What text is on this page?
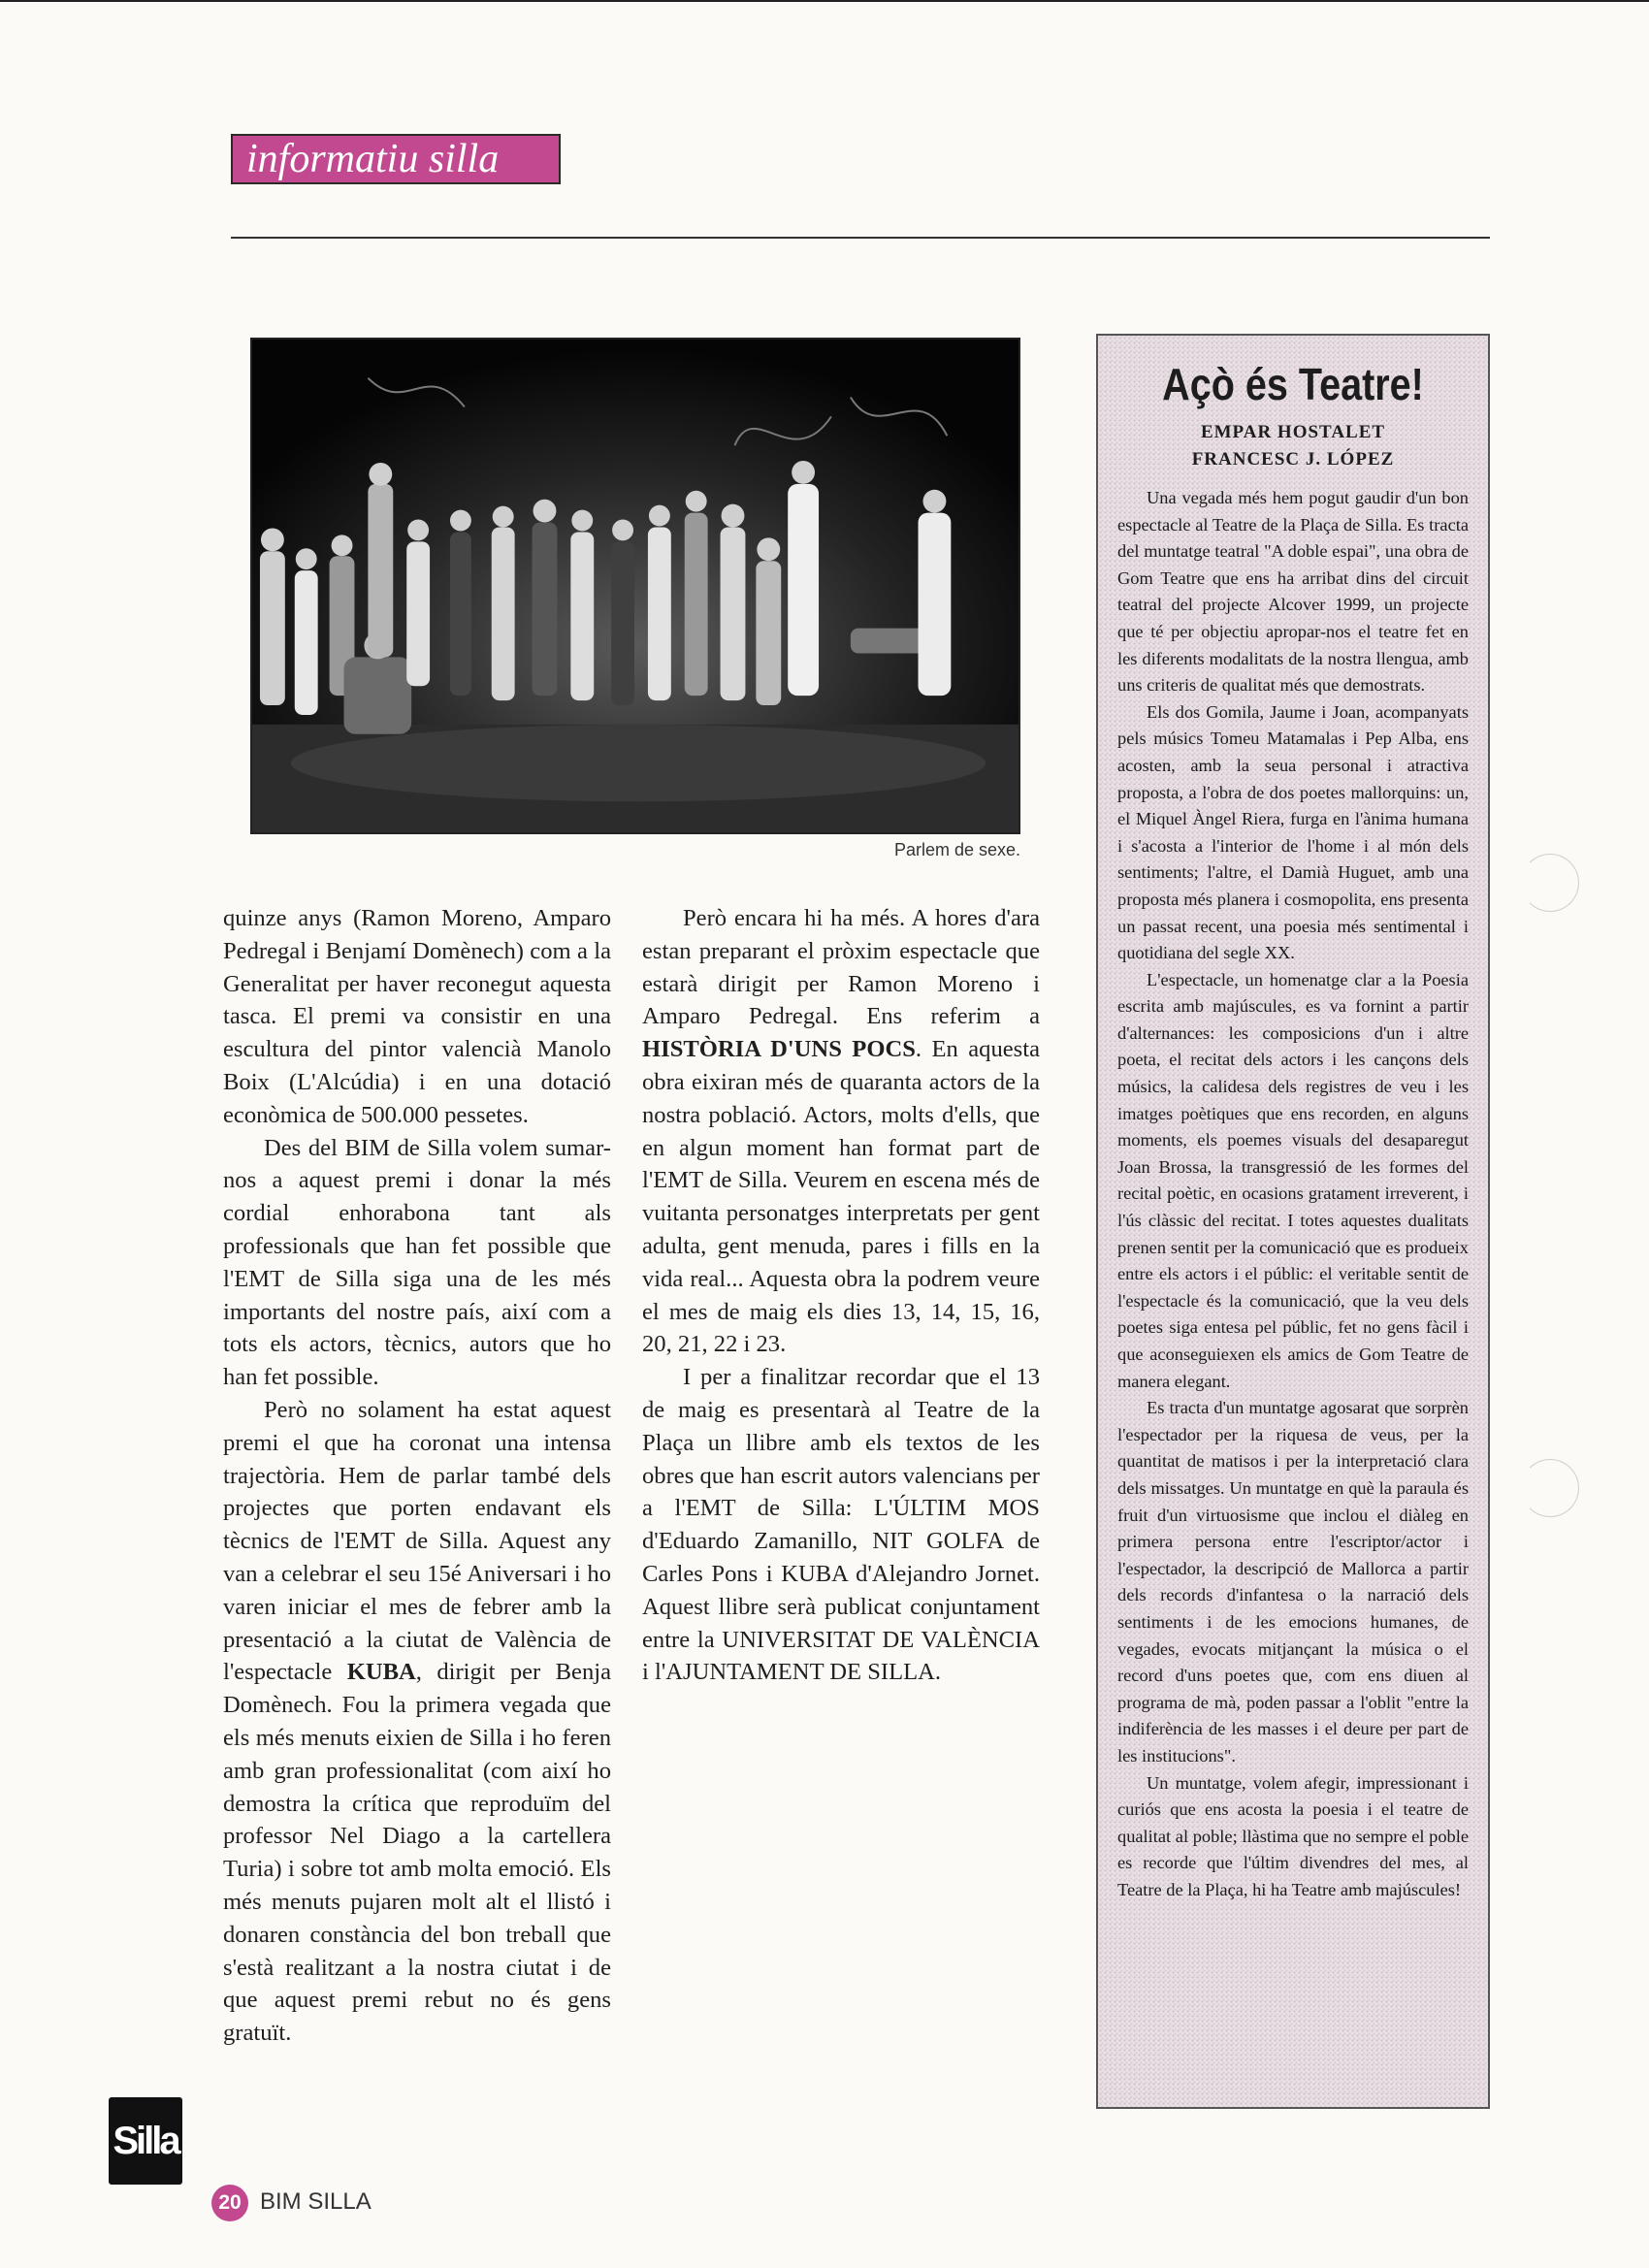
informatiu silla
Parlem de sexe.

quinze anys (Ramon Moreno, Amparo Pedregal i Benjamí Domènech) com a la Generalitat per haver reconegut aquesta tasca. El premi va consistir en una escultura del pintor valencià Manolo Boix (L'Alcúdia) i en una dotació econòmica de 500.000 pessetes.

Des del BIM de Silla volem sumar-nos a aquest premi i donar la més cordial enhorabona tant als professionals que han fet possible que l'EMT de Silla siga una de les més importants del nostre país, així com a tots els actors, tècnics, autors que ho han fet possible.

Però no solament ha estat aquest premi el que ha coronat una intensa trajectòria. Hem de parlar també dels projectes que porten endavant els tècnics de l'EMT de Silla. Aquest any van a celebrar el seu 15é Aniversari i ho varen iniciar el mes de febrer amb la presentació a la ciutat de València de l'espectacle KUBA, dirigit per Benja Domènech. Fou la primera vegada que els més menuts eixien de Silla i ho feren amb gran professionalitat (com així ho demostra la crítica que reproduïm del professor Nel Diago a la cartellera Turia) i sobre tot amb molta emoció. Els més menuts pujaren molt alt el llistó i donaren constància del bon treball que s'està realitzant a la nostra ciutat i de que aquest premi rebut no és gens gratuït.

Però encara hi ha més. A hores d'ara estan preparant el pròxim espectacle que estarà dirigit per Ramon Moreno i Amparo Pedregal. Ens referim a HISTÒRIA D'UNS POCS. En aquesta obra eixiran més de quaranta actors de la nostra població. Actors, molts d'ells, que en algun moment han format part de l'EMT de Silla. Veurem en escena més de vuitanta personatges interpretats per gent adulta, gent menuda, pares i fills en la vida real... Aquesta obra la podrem veure el mes de maig els dies 13, 14, 15, 16, 20, 21, 22 i 23.

I per a finalitzar recordar que el 13 de maig es presentarà al Teatre de la Plaça un llibre amb els textos de les obres que han escrit autors valencians per a l'EMT de Silla: L'ÚLTIM MOS d'Eduardo Zamanillo, NIT GOLFA de Carles Pons i KUBA d'Alejandro Jornet. Aquest llibre serà publicat conjuntament entre la UNIVERSITAT DE VALÈNCIA i l'AJUNTAMENT DE SILLA.

Açò és Teatre!
EMPAR HOSTALET
FRANCESC J. LÓPEZ

Una vegada més hem pogut gaudir d'un bon espectacle al Teatre de la Plaça de Silla. Es tracta del muntatge teatral "A doble espai", una obra de Gom Teatre que ens ha arribat dins del circuit teatral del projecte Alcover 1999, un projecte que té per objectiu apropar-nos el teatre fet en les diferents modalitats de la nostra llengua, amb uns criteris de qualitat més que demostrats.

Els dos Gomila, Jaume i Joan, acompanyats pels músics Tomeu Matamalas i Pep Alba, ens acosten, amb la seua personal i atractiva proposta, a l'obra de dos poetes mallorquins: un, el Miquel Àngel Riera, furga en l'ànima humana i s'acosta a l'interior de l'home i al món dels sentiments; l'altre, el Damià Huguet, amb una proposta més planera i cosmopolita, ens presenta un passat recent, una poesia més sentimental i quotidiana del segle XX.

L'espectacle, un homenatge clar a la Poesia escrita amb majúscules, es va fornint a partir d'alternances: les composicions d'un i altre poeta, el recitat dels actors i les cançons dels músics, la calidesa dels registres de veu i les imatges poètiques que ens recorden, en alguns moments, els poemes visuals del desaparegut Joan Brossa, la transgressió de les formes del recital poètic, en ocasions gratament irreverent, i l'ús clàssic del recitat. I totes aquestes dualitats prenen sentit per la comunicació que es produeix entre els actors i el públic: el veritable sentit de l'espectacle és la comunicació, que la veu dels poetes siga entesa pel públic, fet no gens fàcil i que aconseguiexen els amics de Gom Teatre de manera elegant.

Es tracta d'un muntatge agosarat que sorprèn l'espectador per la riquesa de veus, per la quantitat de matisos i per la interpretació clara dels missatges. Un muntatge en què la paraula és fruit d'un virtuosisme que inclou el diàleg en primera persona entre l'escriptor/actor i l'espectador, la descripció de Mallorca a partir dels records d'infantesa o la narració dels sentiments i de les emocions humanes, de vegades, evocats mitjançant la música o el record d'uns poetes que, com ens diuen al programa de mà, poden passar a l'oblit "entre la indiferència de les masses i el deure per part de les institucions".

Un muntatge, volem afegir, impressionant i curiós que ens acosta la poesia i el teatre de qualitat al poble; llàstima que no sempre el poble es recorde que l'últim divendres del mes, al Teatre de la Plaça, hi ha Teatre amb majúscules!

Silla
20 BIM SILLA
